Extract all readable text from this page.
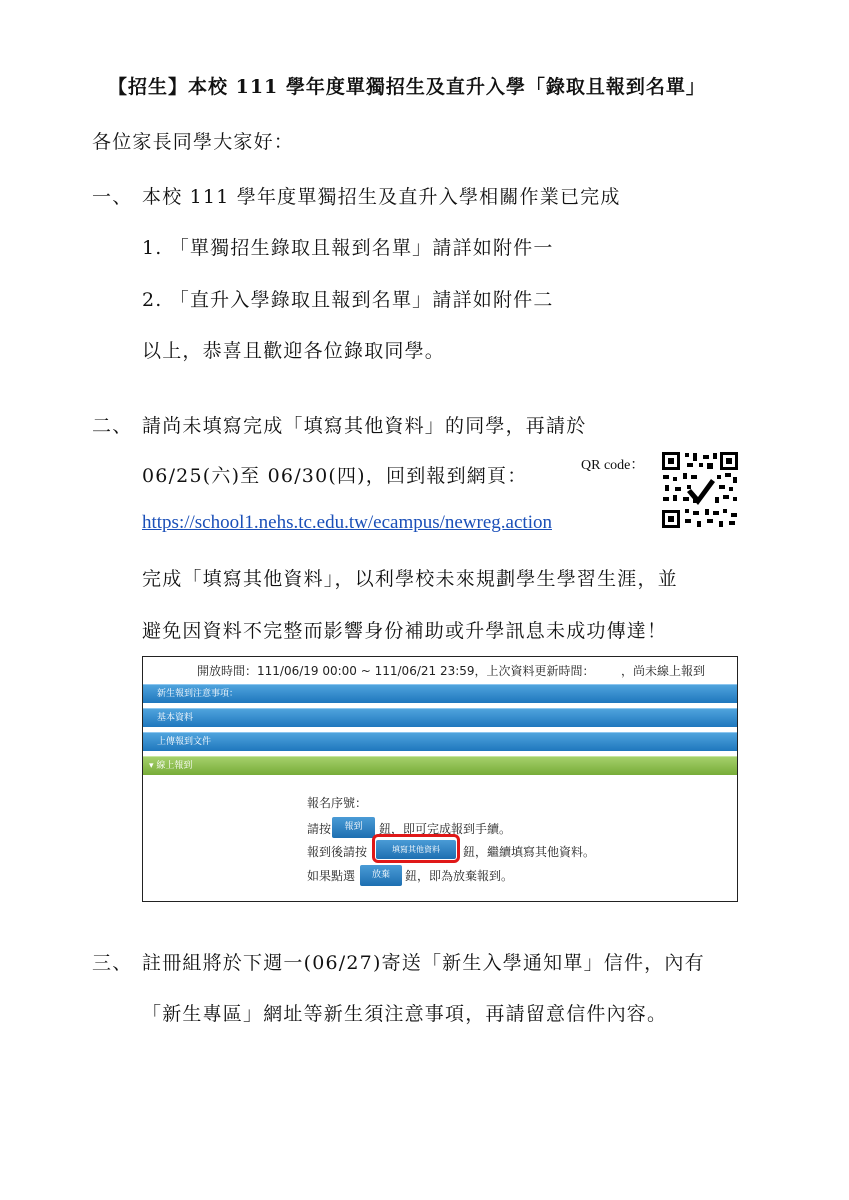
【招生】本校 111 學年度單獨招生及直升入學「錄取且報到名單」
各位家長同學大家好：
一、 本校 111 學年度單獨招生及直升入學相關作業已完成
1. 「單獨招生錄取且報到名單」請詳如附件一
2. 「直升入學錄取且報到名單」請詳如附件二
以上，恭喜且歡迎各位錄取同學。
二、 請尚未填寫完成「填寫其他資料」的同學，再請於
06/25(六)至 06/30(四)，回到報到網頁：
https://school1.nehs.tc.edu.tw/ecampus/newreg.action
完成「填寫其他資料」，以利學校未來規劃學生學習生涯，並
避免因資料不完整而影響身份補助或升學訊息未成功傳達！
QR code：
開放時間：111/06/19 00:00 ~ 111/06/21 23:59，上次資料更新時間： ，尚未線上報到
新生報到注意事項：
基本資料
上傳報到文件
▾ 線上報到
報名序號：
請按	報到	鈕，即可完成報到手續。
報到後請按	填寫其他資料	鈕，繼續填寫其他資料。
如果點選	放棄	鈕，即為放棄報到。
三、 註冊組將於下週一(06/27)寄送「新生入學通知單」信件，內有
「新生專區」網址等新生須注意事項，再請留意信件內容。
